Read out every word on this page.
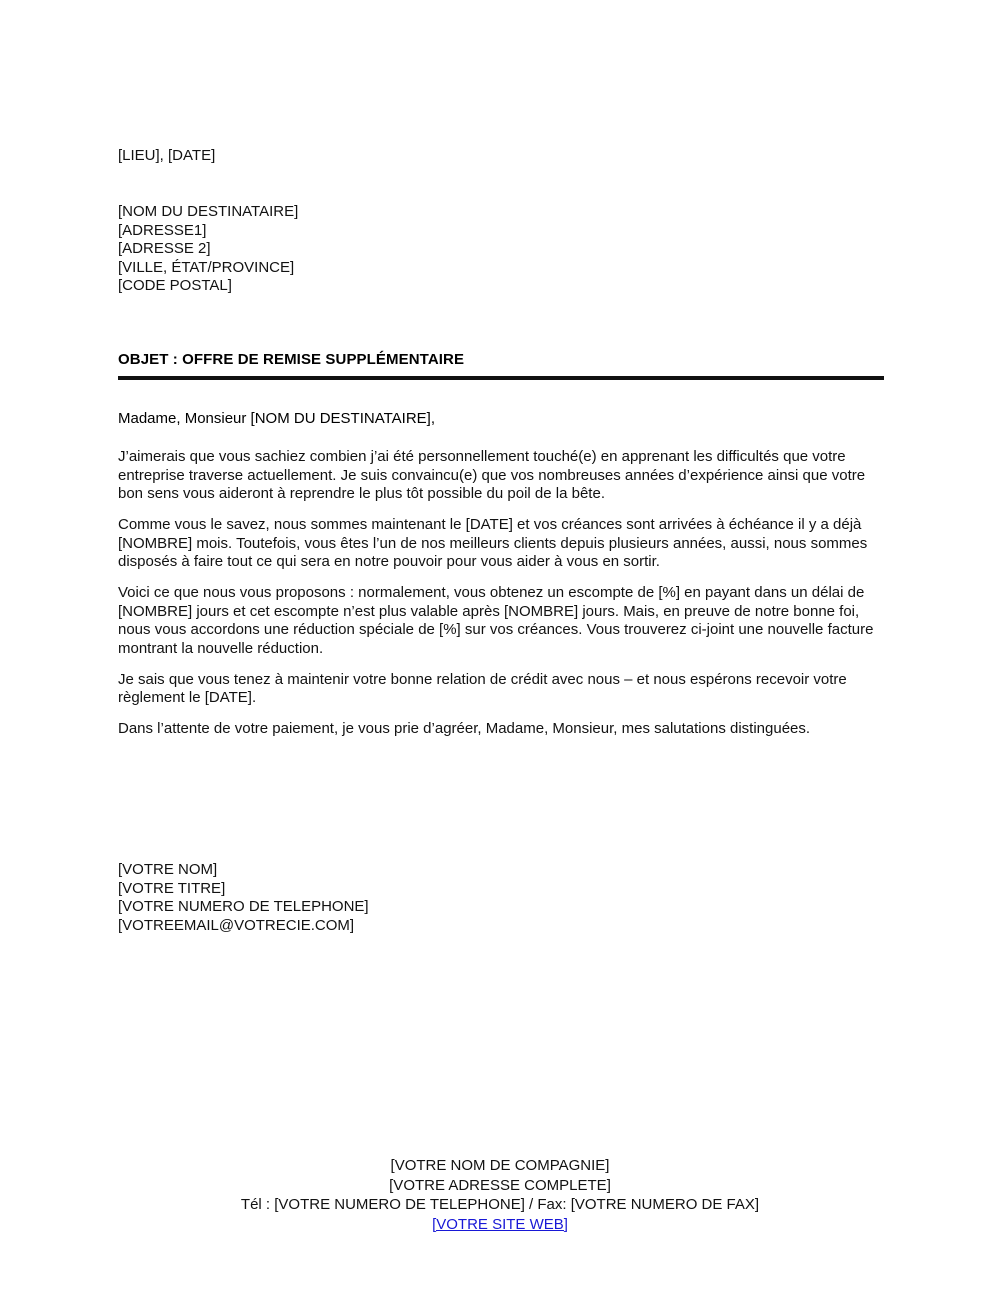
[LIEU], [DATE]
[NOM DU DESTINATAIRE]
[ADRESSE1]
[ADRESSE 2]
[VILLE, ÉTAT/PROVINCE]
[CODE POSTAL]
OBJET : OFFRE DE REMISE SUPPLÉMENTAIRE
Madame, Monsieur [NOM DU DESTINATAIRE],

J’aimerais que vous sachiez combien j’ai été personnellement touché(e) en apprenant les difficultés que votre entreprise traverse actuellement. Je suis convaincu(e) que vos nombreuses années d’expérience ainsi que votre bon sens vous aideront à reprendre le plus tôt possible du poil de la bête.

Comme vous le savez, nous sommes maintenant le [DATE] et vos créances sont arrivées à échéance il y a déjà [NOMBRE] mois. Toutefois, vous êtes l’un de nos meilleurs clients depuis plusieurs années, aussi, nous sommes disposés à faire tout ce qui sera en notre pouvoir pour vous aider à vous en sortir.

Voici ce que nous vous proposons : normalement, vous obtenez un escompte de [%] en payant dans un délai de [NOMBRE] jours et cet escompte n’est plus valable après [NOMBRE] jours. Mais, en preuve de notre bonne foi, nous vous accordons une réduction spéciale de [%] sur vos créances. Vous trouverez ci-joint une nouvelle facture montrant la nouvelle réduction.

Je sais que vous tenez à maintenir votre bonne relation de crédit avec nous – et nous espérons recevoir votre règlement le [DATE].

Dans l’attente de votre paiement, je vous prie d’agréer, Madame, Monsieur, mes salutations distinguées.

[VOTRE NOM]
[VOTRE TITRE]
[VOTRE NUMERO DE TELEPHONE]
[VOTREEMAIL@VOTRECIE.COM]
[VOTRE NOM DE COMPAGNIE]
[VOTRE ADRESSE COMPLETE]
Tél : [VOTRE NUMERO DE TELEPHONE] / Fax: [VOTRE NUMERO DE FAX]
[VOTRE SITE WEB]
